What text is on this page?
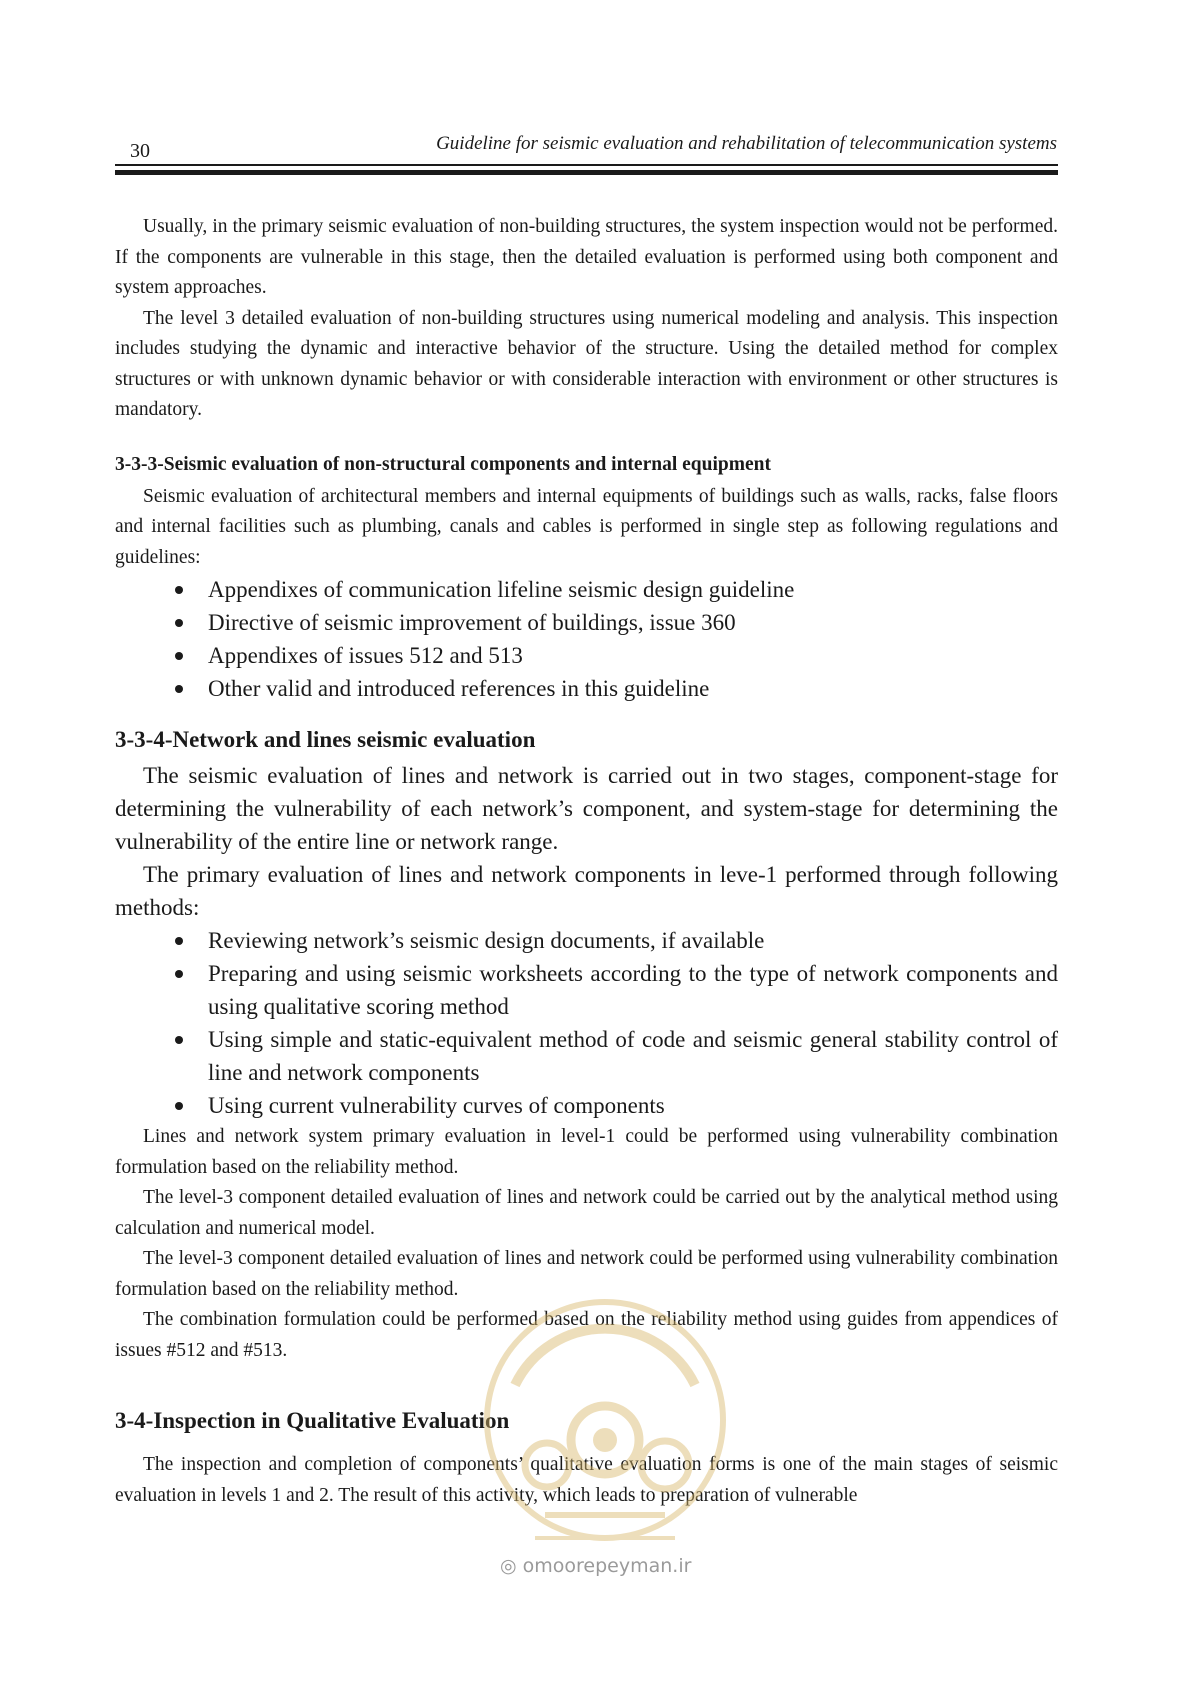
30	Guideline for seismic evaluation and rehabilitation of telecommunication systems

Usually, in the primary seismic evaluation of non-building structures, the system inspection would not be performed. If the components are vulnerable in this stage, then the detailed evaluation is performed using both component and system approaches.

The level 3 detailed evaluation of non-building structures using numerical modeling and analysis. This inspection includes studying the dynamic and interactive behavior of the structure. Using the detailed method for complex structures or with unknown dynamic behavior or with considerable interaction with environment or other structures is mandatory.

3-3-3-Seismic evaluation of non-structural components and internal equipment

Seismic evaluation of architectural members and internal equipments of buildings such as walls, racks, false floors and internal facilities such as plumbing, canals and cables is performed in single step as following regulations and guidelines:

Appendixes of communication lifeline seismic design guideline
Directive of seismic improvement of buildings, issue 360
Appendixes of issues 512 and 513
Other valid and introduced references in this guideline
3-3-4-Network and lines seismic evaluation

The seismic evaluation of lines and network is carried out in two stages, component-stage for determining the vulnerability of each network’s component, and system-stage for determining the vulnerability of the entire line or network range.

The primary evaluation of lines and network components in leve-1 performed through following methods:

Reviewing network’s seismic design documents, if available
Preparing and using seismic worksheets according to the type of network components and using qualitative scoring method
Using simple and static-equivalent method of code and seismic general stability control of line and network components
Using current vulnerability curves of components

Lines and network system primary evaluation in level-1 could be performed using vulnerability combination formulation based on the reliability method.

The level-3 component detailed evaluation of lines and network could be carried out by the analytical method using calculation and numerical model.

The level-3 component detailed evaluation of lines and network could be performed using vulnerability combination formulation based on the reliability method.

The combination formulation could be performed based on the reliability method using guides from appendices of issues #512 and #513.

3-4-Inspection in Qualitative Evaluation

The inspection and completion of components’ qualitative evaluation forms is one of the main stages of seismic evaluation in levels 1 and 2. The result of this activity, which leads to preparation of vulnerable

◎ omoorepeyman.ir
